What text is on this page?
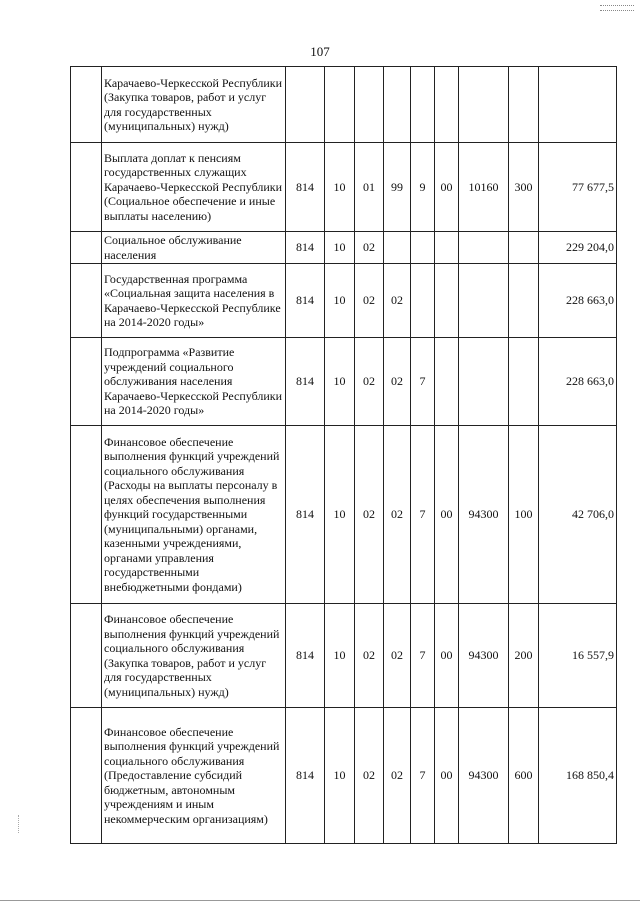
107
	Карачаево-Черкесской Республики (Закупка товаров, работ и услуг для государственных (муниципальных) нужд)									
	Выплата доплат к пенсиям государственных служащих Карачаево-Черкесской Республики (Социальное обеспечение и иные выплаты населению)	814	10	01	99	9	00	10160	300	77 677,5
	Социальное обслуживание населения	814	10	02						229 204,0
	Государственная программа «Социальная защита населения в Карачаево-Черкесской Республике на 2014-2020 годы»	814	10	02	02					228 663,0
	Подпрограмма «Развитие учреждений социального обслуживания населения Карачаево-Черкесской Республики на 2014-2020 годы»	814	10	02	02	7				228 663,0
	Финансовое обеспечение выполнения функций учреждений социального обслуживания (Расходы на выплаты персоналу в целях обеспечения выполнения функций государственными (муниципальными) органами, казенными учреждениями, органами управления государственными внебюджетными фондами)	814	10	02	02	7	00	94300	100	42 706,0
	Финансовое обеспечение выполнения функций учреждений социального обслуживания (Закупка товаров, работ и услуг для государственных (муниципальных) нужд)	814	10	02	02	7	00	94300	200	16 557,9
	Финансовое обеспечение выполнения функций учреждений социального обслуживания (Предоставление субсидий бюджетным, автономным учреждениям и иным некоммерческим организациям)	814	10	02	02	7	00	94300	600	168 850,4
